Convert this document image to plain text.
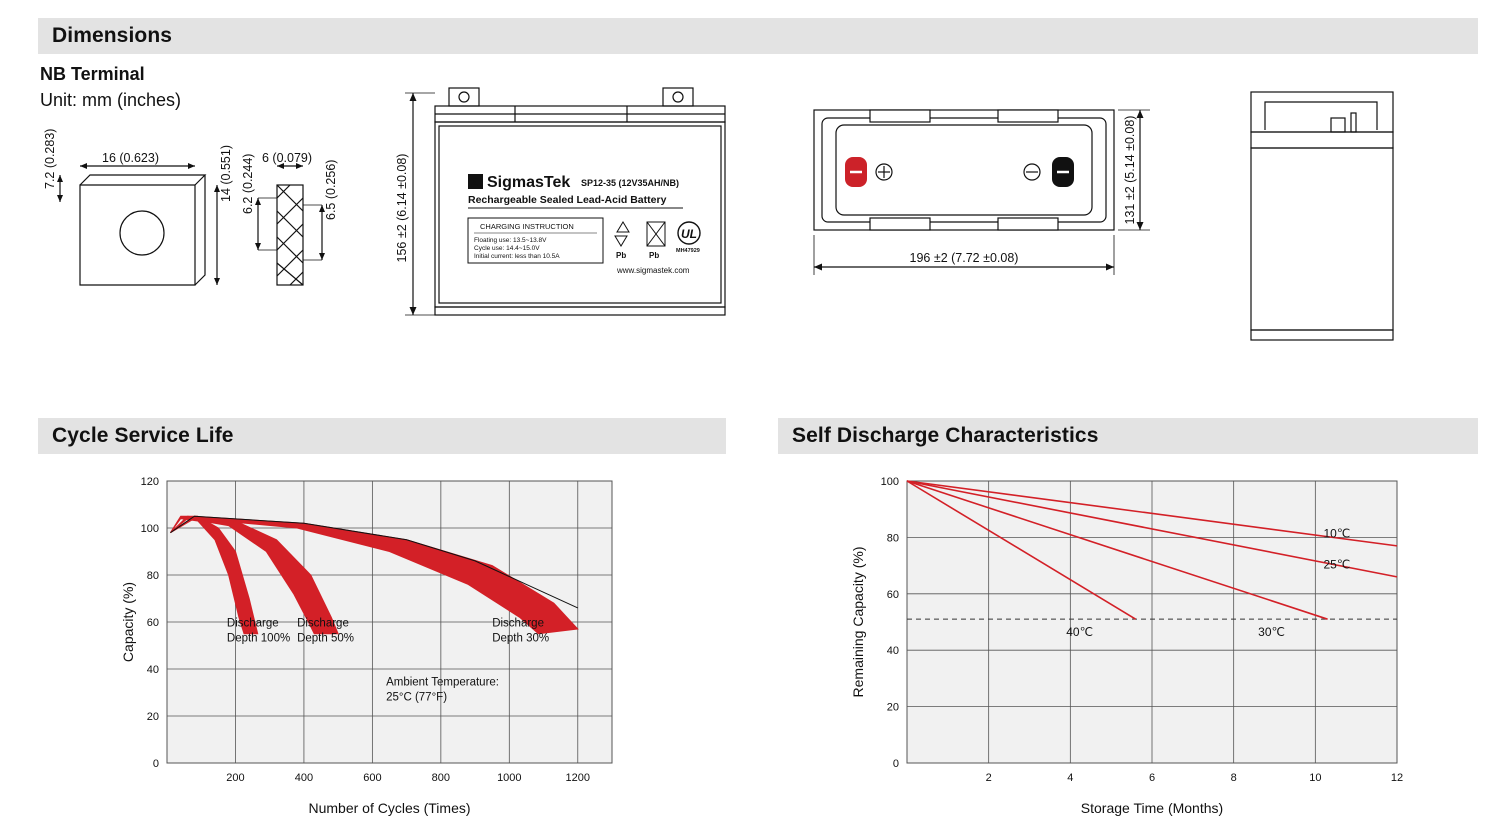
Dimensions
Cycle Service Life	Self Discharge Characteristics
NB Terminal
Unit: mm (inches)
16 (0.623)
7.2 (0.283)	14 (0.551) 6 (0.079)
6.2 (0.244)	6.5 (0.256)	Σ SigmasTek SP12-35 (12V35AH/NB)
Rechargeable Sealed Lead-Acid Battery
CHARGING INSTRUCTION
Floating use: 13.5~13.8V
Cycle use: 14.4~15.0V
Initial current: less than 10.5A	Pb	Pb
UL
MH47929
www.sigmastek.com
156 ±2 (6.14 ±0.08)	196 ±2 (7.72 ±0.08)
131 ±2 (5.14 ±0.08)
200	400	600	800	1000	1200
0
20
40
60
80
100
120
Discharge
Depth 100%
Discharge
Depth 50%
Discharge
Depth 30%
Ambient Temperature:
25°C (77°F)
Number of Cycles (Times)
Capacity (%)
2	4	6	8	10	12
0
20
40
60
80
100
10℃
25℃
30℃
40℃
Storage Time (Months)
Remaining Capacity (%)
